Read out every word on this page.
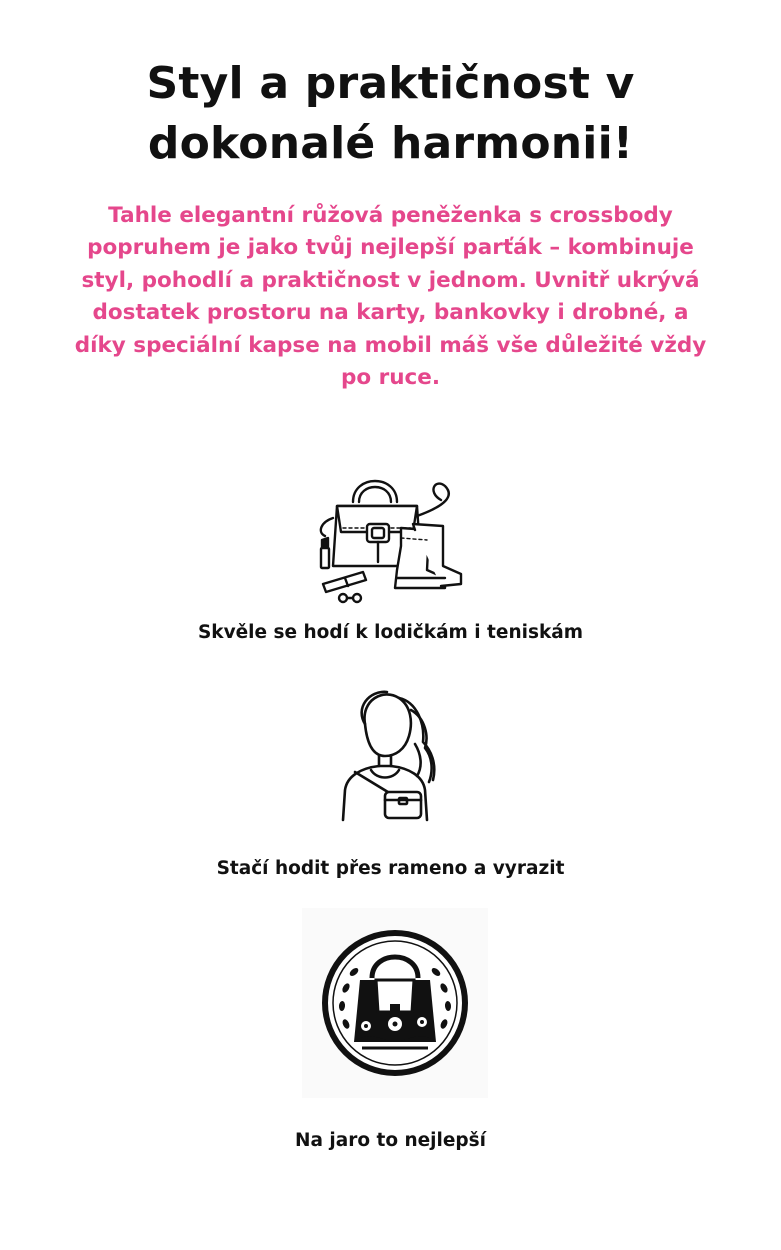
Styl a praktičnost v dokonalé harmonii!

Tahle elegantní růžová peněženka s crossbody popruhem je jako tvůj nejlepší parťák – kombinuje styl, pohodlí a praktičnost v jednom. Uvnitř ukrývá dostatek prostoru na karty, bankovky i drobné, a díky speciální kapse na mobil máš vše důležité vždy po ruce.

Skvěle se hodí k lodičkám i teniskám
Stačí hodit přes rameno a vyrazit
Na jaro to nejlepší
